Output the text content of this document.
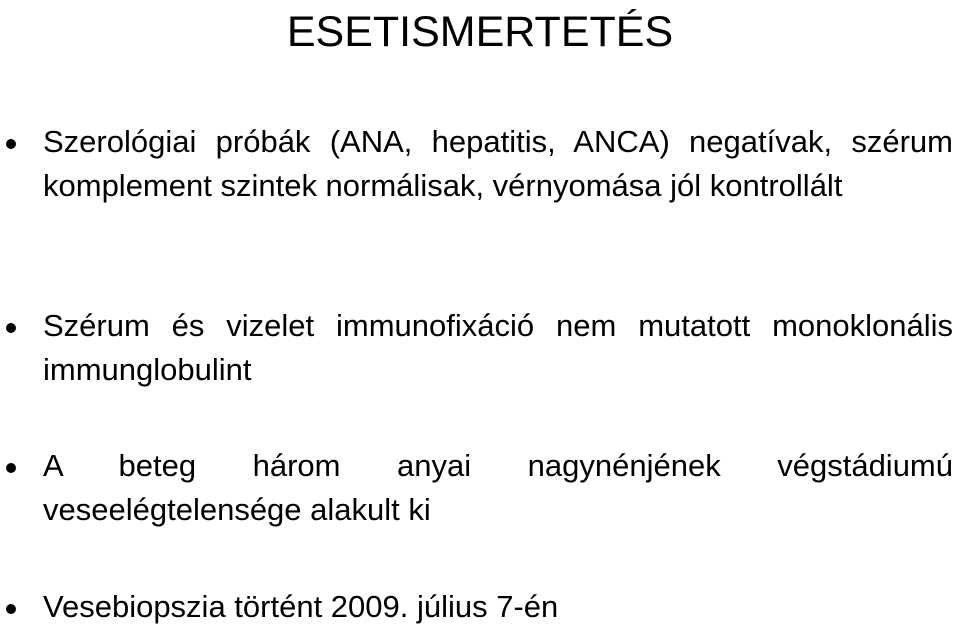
ESETISMERTETÉS
Szerológiai próbák (ANA, hepatitis, ANCA) negatívak, szérum komplement szintek normálisak, vérnyomása jól kontrollált
Szérum és vizelet immunofixáció nem mutatott monoklonális immunglobulint
A beteg három anyai nagynénjének végstádiumú veseelégtelensége alakult ki
Vesebiopszia történt 2009. július 7-én
